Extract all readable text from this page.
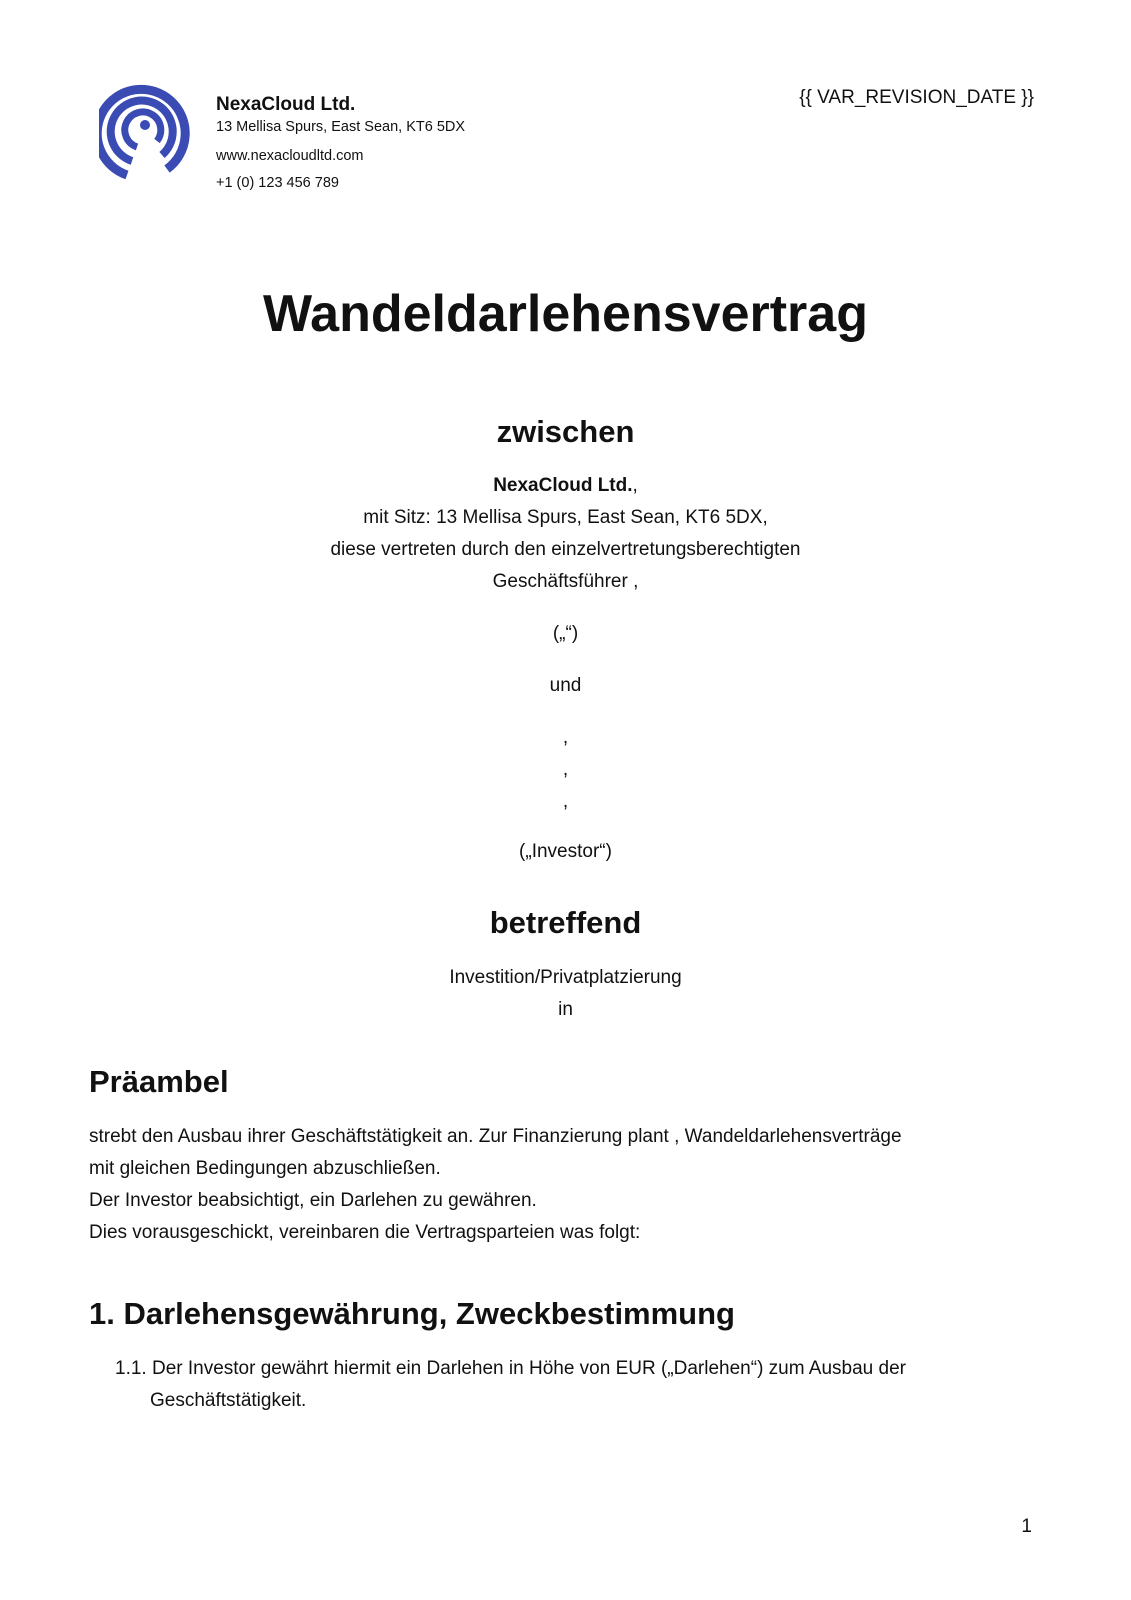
NexaCloud Ltd.
13 Mellisa Spurs, East Sean, KT6 5DX
www.nexacloudltd.com
+1 (0) 123 456 789
{{ VAR_REVISION_DATE }}
Wandeldarlehensvertrag
zwischen
NexaCloud Ltd.,
mit Sitz: 13 Mellisa Spurs, East Sean, KT6 5DX,
diese vertreten durch den einzelvertretungsberechtigten
Geschäftsführer ,
(„“)
und
,
,
,
(„Investor“)
betreffend
Investition/Privatplatzierung
in
Präambel
strebt den Ausbau ihrer Geschäftstätigkeit an. Zur Finanzierung plant , Wandeldarlehensverträge
mit gleichen Bedingungen abzuschließen.
Der Investor beabsichtigt, ein Darlehen zu gewähren.
Dies vorausgeschickt, vereinbaren die Vertragsparteien was folgt:
1. Darlehensgewährung, Zweckbestimmung
1.1. Der Investor gewährt hiermit ein Darlehen in Höhe von EUR („Darlehen“) zum Ausbau der Geschäftstätigkeit.
1
